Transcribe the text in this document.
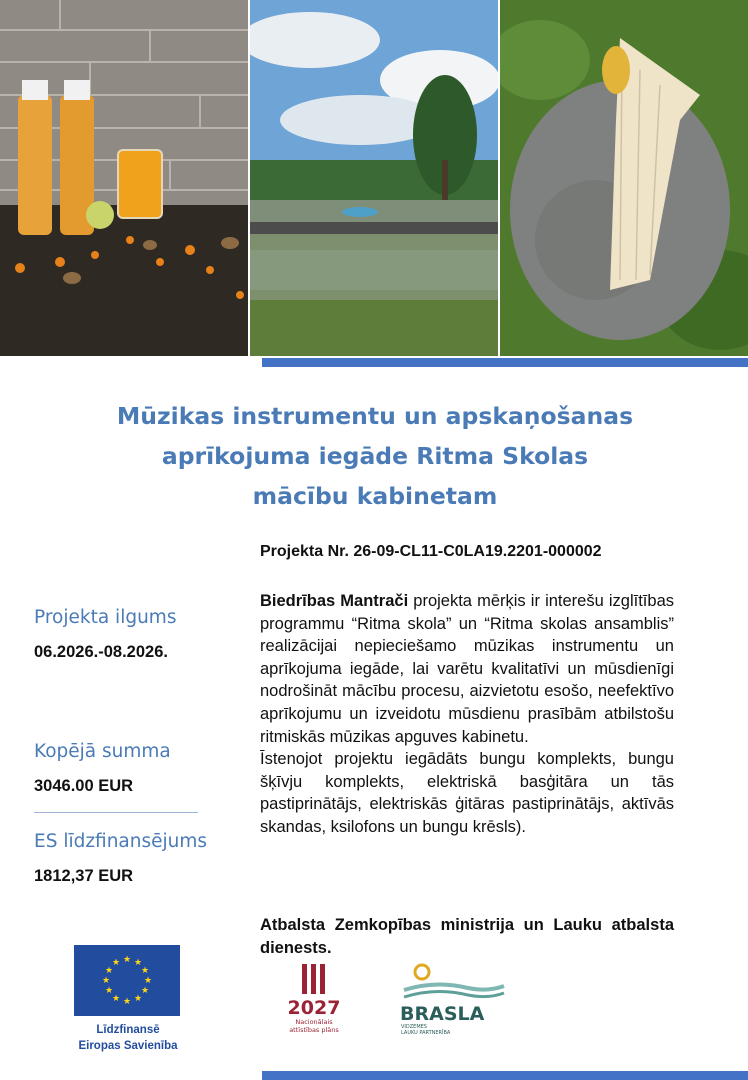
Mūzikas instrumentu un apskaņošanas aprīkojuma iegāde Ritma Skolas mācību kabinetam
Projekta Nr. 26-09-CL11-C0LA19.2201-000002
Biedrības Mantrači projekta mērķis ir interešu izglītības programmu “Ritma skola” un “Ritma skolas ansamblis” realizācijai nepieciešamo mūzikas instrumentu un aprīkojuma iegāde, lai varētu kvalitatīvi un mūsdienīgi nodrošināt mācību procesu, aizvietotu esošo, neefektīvo aprīkojumu un izveidotu mūsdienu prasībām atbilstošu ritmiskās mūzikas apguves kabinetu.
Īstenojot projektu iegādāts bungu komplekts, bungu šķīvju komplekts, elektriskā basģitāra un tās pastiprinātājs, elektriskās ģitāras pastiprinātājs, aktīvās skandas, ksilofons un bungu krēsls).
Atbalsta Zemkopības ministrija un Lauku atbalsta dienests.
Projekta ilgums
06.2026.-08.2026.
Kopējā summa
3046.00 EUR
ES līdzfinansējums
1812,37 EUR
★ ★
★
★
★
★
★
★
★
★
★
★
Līdzfinansē
Eiropas Savienība
2027
Nacionālais
attīstības plāns
BRASLA
VIDZEMES
LAUKU PARTNERĪBA
